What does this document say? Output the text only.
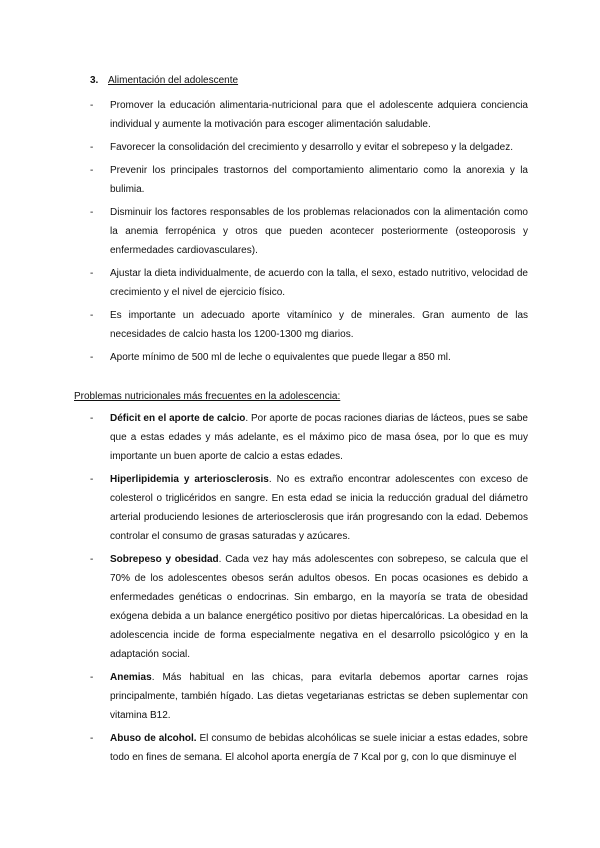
3. Alimentación del adolescente
- Promover la educación alimentaria-nutricional para que el adolescente adquiera conciencia individual y aumente la motivación para escoger alimentación saludable.
- Favorecer la consolidación del crecimiento y desarrollo y evitar el sobrepeso y la delgadez.
- Prevenir los principales trastornos del comportamiento alimentario como la anorexia y la bulimia.
- Disminuir los factores responsables de los problemas relacionados con la alimentación como la anemia ferropénica y otros que pueden acontecer posteriormente (osteoporosis y enfermedades cardiovasculares).
- Ajustar la dieta individualmente, de acuerdo con la talla, el sexo, estado nutritivo, velocidad de crecimiento y el nivel de ejercicio físico.
- Es importante un adecuado aporte vitamínico y de minerales. Gran aumento de las necesidades de calcio hasta los 1200-1300 mg diarios.
- Aporte mínimo de 500 ml de leche o equivalentes que puede llegar a 850 ml.
Problemas nutricionales más frecuentes en la adolescencia:
- Déficit en el aporte de calcio. Por aporte de pocas raciones diarias de lácteos, pues se sabe que a estas edades y más adelante, es el máximo pico de masa ósea, por lo que es muy importante un buen aporte de calcio a estas edades.
- Hiperlipidemia y arteriosclerosis. No es extraño encontrar adolescentes con exceso de colesterol o triglicéridos en sangre. En esta edad se inicia la reducción gradual del diámetro arterial produciendo lesiones de arteriosclerosis que irán progresando con la edad. Debemos controlar el consumo de grasas saturadas y azúcares.
- Sobrepeso y obesidad. Cada vez hay más adolescentes con sobrepeso, se calcula que el 70% de los adolescentes obesos serán adultos obesos. En pocas ocasiones es debido a enfermedades genéticas o endocrinas. Sin embargo, en la mayoría se trata de obesidad exógena debida a un balance energético positivo por dietas hipercalóricas. La obesidad en la adolescencia incide de forma especialmente negativa en el desarrollo psicológico y en la adaptación social.
- Anemias. Más habitual en las chicas, para evitarla debemos aportar carnes rojas principalmente, también hígado. Las dietas vegetarianas estrictas se deben suplementar con vitamina B12.
- Abuso de alcohol. El consumo de bebidas alcohólicas se suele iniciar a estas edades, sobre todo en fines de semana. El alcohol aporta energía de 7 Kcal por g, con lo que disminuye el
